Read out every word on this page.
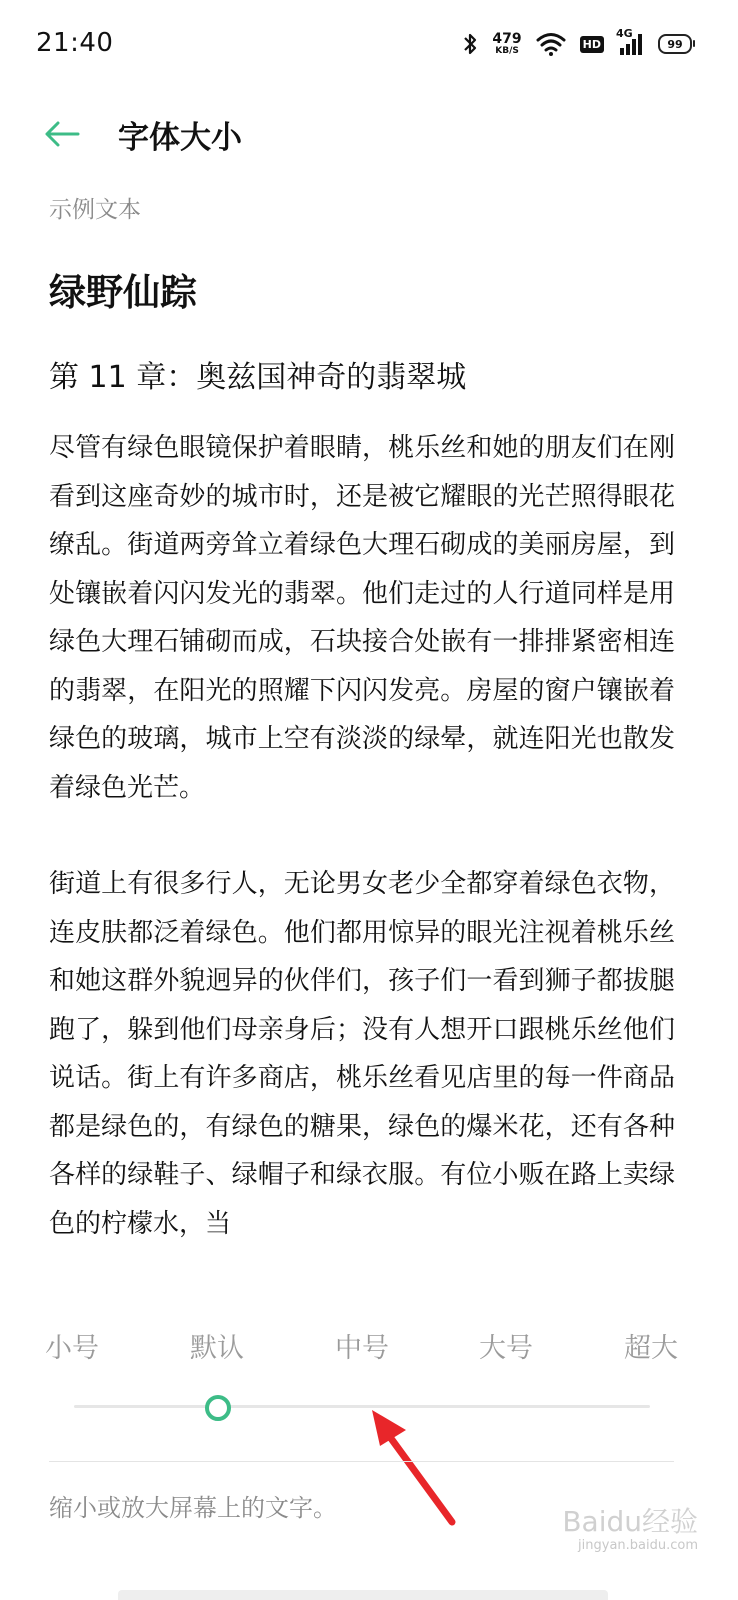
21:40	479
KB/S
HD
4G
99
字体大小
示例文本
绿野仙踪
第 11 章：奥兹国神奇的翡翠城

尽管有绿色眼镜保护着眼睛，桃乐丝和她的朋友们在刚看到这座奇妙的城市时，还是被它耀眼的光芒照得眼花缭乱。街道两旁耸立着绿色大理石砌成的美丽房屋，到处镶嵌着闪闪发光的翡翠。他们走过的人行道同样是用绿色大理石铺砌而成，石块接合处嵌有一排排紧密相连的翡翠，在阳光的照耀下闪闪发亮。房屋的窗户镶嵌着绿色的玻璃，城市上空有淡淡的绿晕，就连阳光也散发着绿色光芒。

街道上有很多行人，无论男女老少全都穿着绿色衣物，连皮肤都泛着绿色。他们都用惊异的眼光注视着桃乐丝和她这群外貌迥异的伙伴们，孩子们一看到狮子都拔腿跑了，躲到他们母亲身后；没有人想开口跟桃乐丝他们说话。街上有许多商店，桃乐丝看见店里的每一件商品都是绿色的，有绿色的糖果，绿色的爆米花，还有各种各样的绿鞋子、绿帽子和绿衣服。有位小贩在路上卖绿色的柠檬水，当

小号	默认	中号	大号	超大
缩小或放大屏幕上的文字。	Baidu经验
jingyan.baidu.com
